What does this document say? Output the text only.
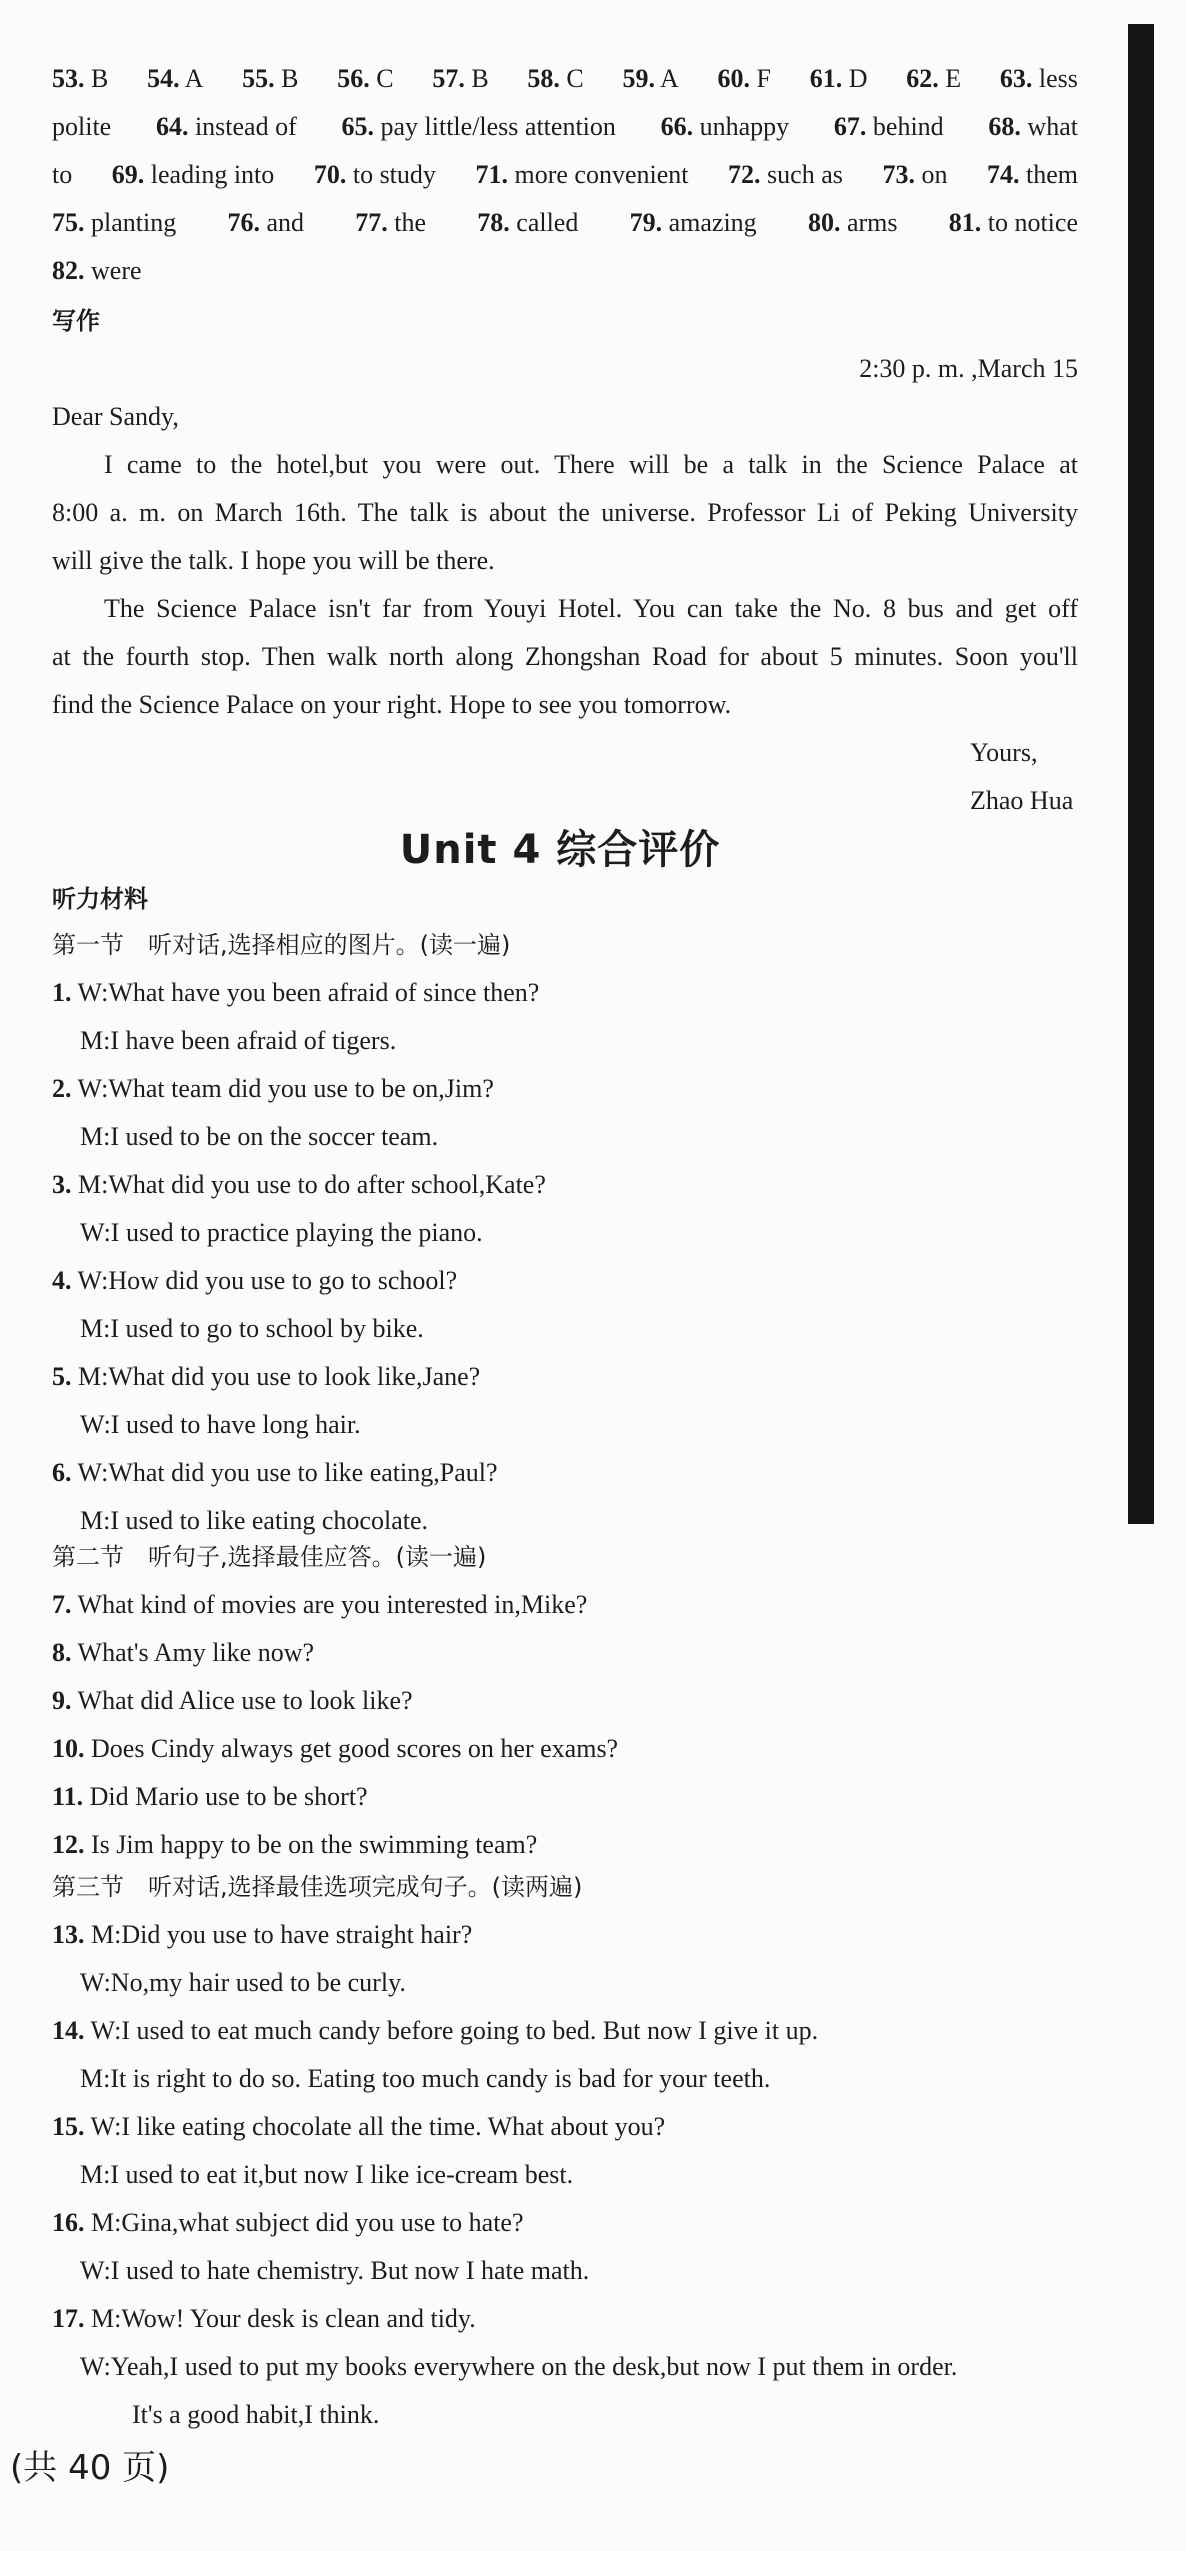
53. B 54. A 55. B 56. C 57. B 58. C 59. A 60. F 61. D 62. E 63. less
polite 64. instead of 65. pay little/less attention 66. unhappy 67. behind 68. what
to 69. leading into 70. to study 71. more convenient 72. such as 73. on 74. them
75. planting 76. and 77. the 78. called 79. amazing 80. arms 81. to notice
82. were
写作
2:30 p. m. ,March 15
Dear Sandy,
I came to the hotel,but you were out. There will be a talk in the Science Palace at
8:00 a. m. on March 16th. The talk is about the universe. Professor Li of Peking University
will give the talk. I hope you will be there.
The Science Palace isn't far from Youyi Hotel. You can take the No. 8 bus and get off
at the fourth stop. Then walk north along Zhongshan Road for about 5 minutes. Soon you'll
find the Science Palace on your right. Hope to see you tomorrow.
Yours,
Zhao Hua
Unit 4 综合评价
听力材料
第一节　听对话,选择相应的图片。(读一遍)
1. W:What have you been afraid of since then?
M:I have been afraid of tigers.
2. W:What team did you use to be on,Jim?
M:I used to be on the soccer team.
3. M:What did you use to do after school,Kate?
W:I used to practice playing the piano.
4. W:How did you use to go to school?
M:I used to go to school by bike.
5. M:What did you use to look like,Jane?
W:I used to have long hair.
6. W:What did you use to like eating,Paul?
M:I used to like eating chocolate.
第二节　听句子,选择最佳应答。(读一遍)
7. What kind of movies are you interested in,Mike?
8. What's Amy like now?
9. What did Alice use to look like?
10. Does Cindy always get good scores on her exams?
11. Did Mario use to be short?
12. Is Jim happy to be on the swimming team?
第三节　听对话,选择最佳选项完成句子。(读两遍)
13. M:Did you use to have straight hair?
W:No,my hair used to be curly.
14. W:I used to eat much candy before going to bed. But now I give it up.
M:It is right to do so. Eating too much candy is bad for your teeth.
15. W:I like eating chocolate all the time. What about you?
M:I used to eat it,but now I like ice-cream best.
16. M:Gina,what subject did you use to hate?
W:I used to hate chemistry. But now I hate math.
17. M:Wow! Your desk is clean and tidy.
W:Yeah,I used to put my books everywhere on the desk,but now I put them in order.
It's a good habit,I think.
(共 40 页)
